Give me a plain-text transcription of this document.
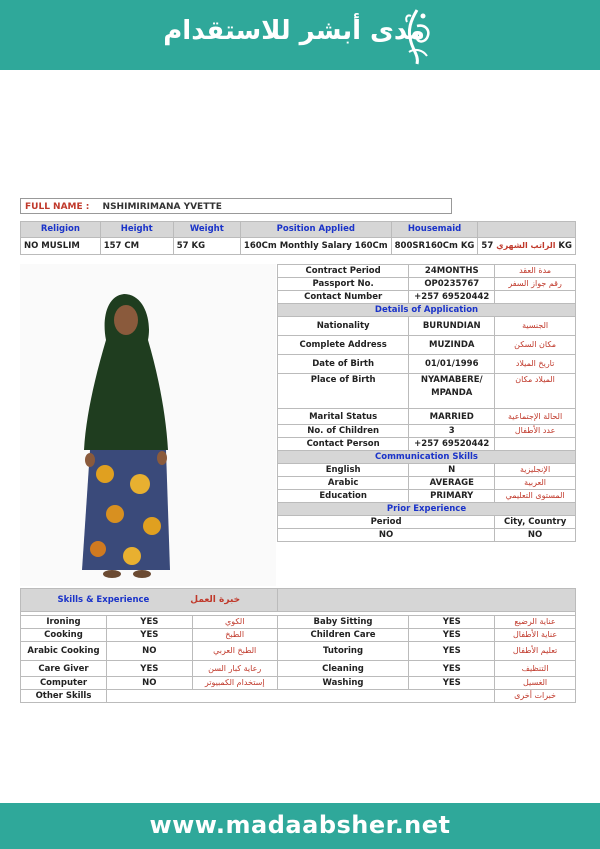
مدى أبشر للاستقدام
FULL NAME : NSHIMIRIMANA YVETTE
Religion	Height	Weight	Position Applied	Housemaid	
NO MUSLIM	157 CM	57 KG	160Cm Monthly Salary 160Cm	800SR160Cm KG	الراتب الشهري 57 KG
Contract Period	24MONTHS	مدة العقد
Passport No.	OP0235767	رقم جواز السفر
Contact Number	+257 69520442	
Details of Application		
Nationality	BURUNDIAN	الجنسية
Complete Address	MUZINDA	مكان السكن
Date of Birth	01/01/1996	تاريخ الميلاد
Place of Birth	NYAMABERE/
MPANDA	الميلاد مكان
Marital Status	MARRIED	الحالة الإجتماعية
No. of Children	3	عدد الأطفال
Contact Person	+257 69520442	
Communication Skills		
English	N	الإنجليزية
Arabic	AVERAGE	العربية
Education	PRIMARY	المستوى التعليمي
Prior Experience		
Period		City, Country
NO		NO
Skills & Experience خبرة العمل					

Ironing	YES	الكوي	Baby Sitting	YES	عناية الرضيع
Cooking	YES	الطبخ	Children Care	YES	عناية الأطفال
Arabic Cooking	NO	الطبخ العربي	Tutoring	YES	تعليم الأطفال
Care Giver	YES	رعاية كبار السن	Cleaning	YES	التنظيف
Computer	NO	إستخدام الكمبيوتر	Washing	YES	الغسيل
Other Skills					خبرات أخرى
www.madaabsher.net
